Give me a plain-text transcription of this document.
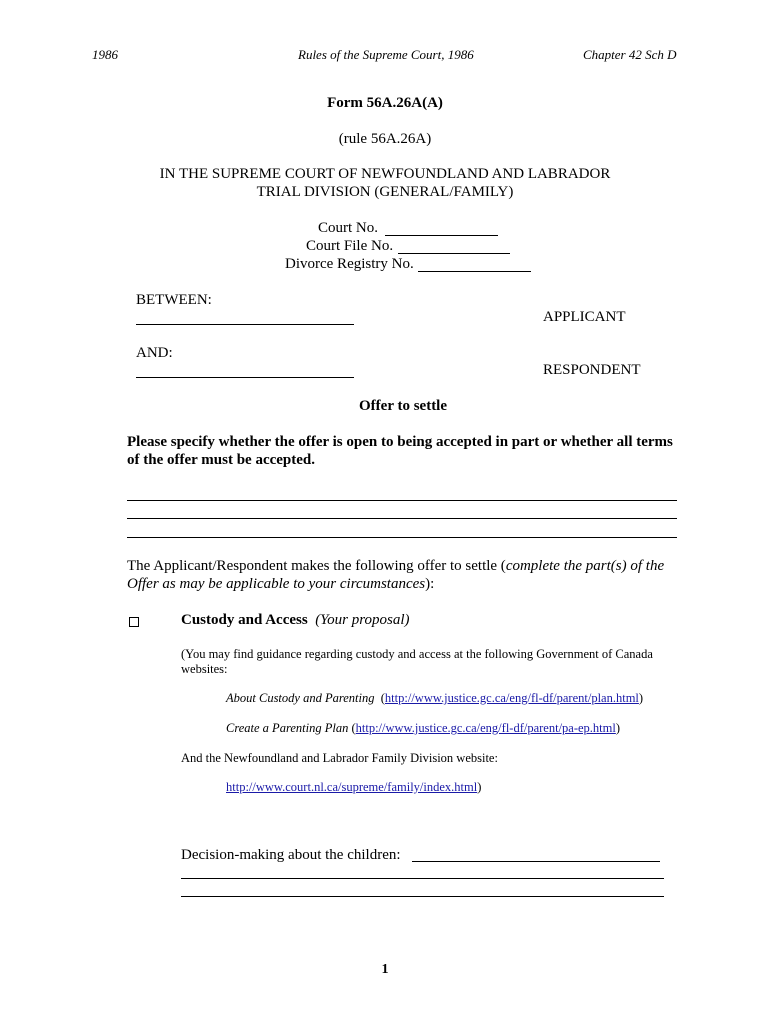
1986	Rules of the Supreme Court, 1986	Chapter 42 Sch D
Form 56A.26A(A)
(rule 56A.26A)
IN THE SUPREME COURT OF NEWFOUNDLAND AND LABRADOR
TRIAL DIVISION (GENERAL/FAMILY)
Court No.
Court File No.
Divorce Registry No.
BETWEEN:
APPLICANT
AND:
RESPONDENT
Offer to settle
Please specify whether the offer is open to being accepted in part or whether all terms
of the offer must be accepted.
The Applicant/Respondent makes the following offer to settle (complete the part(s) of the
Offer as may be applicable to your circumstances):
Custody and Access (Your proposal)
(You may find guidance regarding custody and access at the following Government of Canada
websites:
About Custody and Parenting  (http://www.justice.gc.ca/eng/fl-df/parent/plan.html)
Create a Parenting Plan (http://www.justice.gc.ca/eng/fl-df/parent/pa-ep.html)
And the Newfoundland and Labrador Family Division website:
http://www.court.nl.ca/supreme/family/index.html)
Decision-making about the children:
1
